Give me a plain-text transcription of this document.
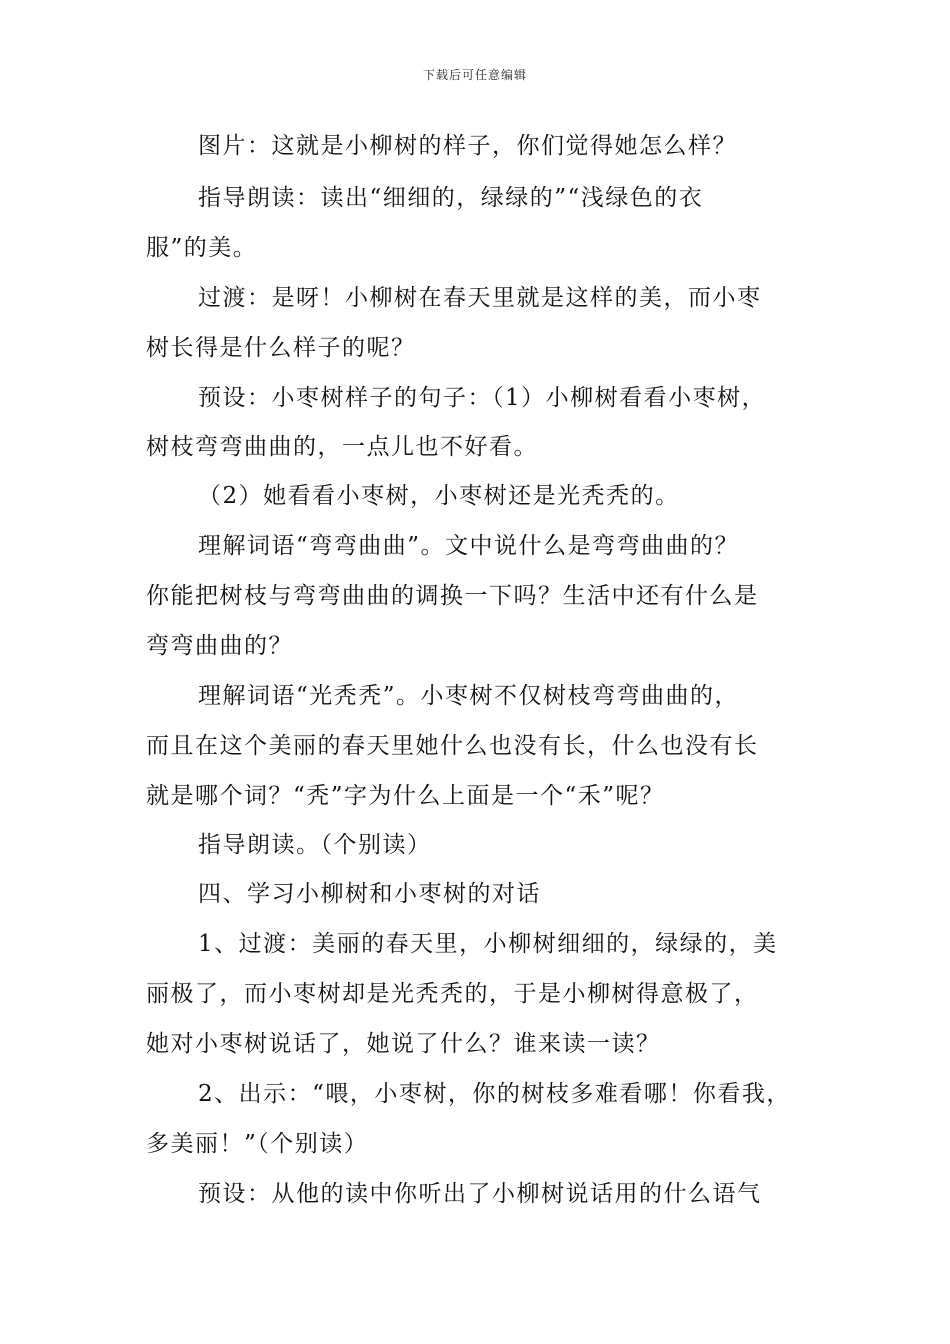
下载后可任意编辑
图片：这就是小柳树的样子，你们觉得她怎么样？
指导朗读：读出“细细的，绿绿的”“浅绿色的衣
服”的美。
过渡：是呀！小柳树在春天里就是这样的美，而小枣
树长得是什么样子的呢？
预设：小枣树样子的句子：（1）小柳树看看小枣树，
树枝弯弯曲曲的，一点儿也不好看。
（2）她看看小枣树，小枣树还是光秃秃的。
理解词语“弯弯曲曲”。文中说什么是弯弯曲曲的？
你能把树枝与弯弯曲曲的调换一下吗？生活中还有什么是
弯弯曲曲的？
理解词语“光秃秃”。小枣树不仅树枝弯弯曲曲的，
而且在这个美丽的春天里她什么也没有长，什么也没有长
就是哪个词？“秃”字为什么上面是一个“禾”呢？
指导朗读。（个别读）
四、学习小柳树和小枣树的对话
1、过渡：美丽的春天里，小柳树细细的，绿绿的，美
丽极了，而小枣树却是光秃秃的，于是小柳树得意极了，
她对小枣树说话了，她说了什么？谁来读一读？
2、出示：“喂，小枣树，你的树枝多难看哪！你看我，
多美丽！”（个别读）
预设：从他的读中你听出了小柳树说话用的什么语气
